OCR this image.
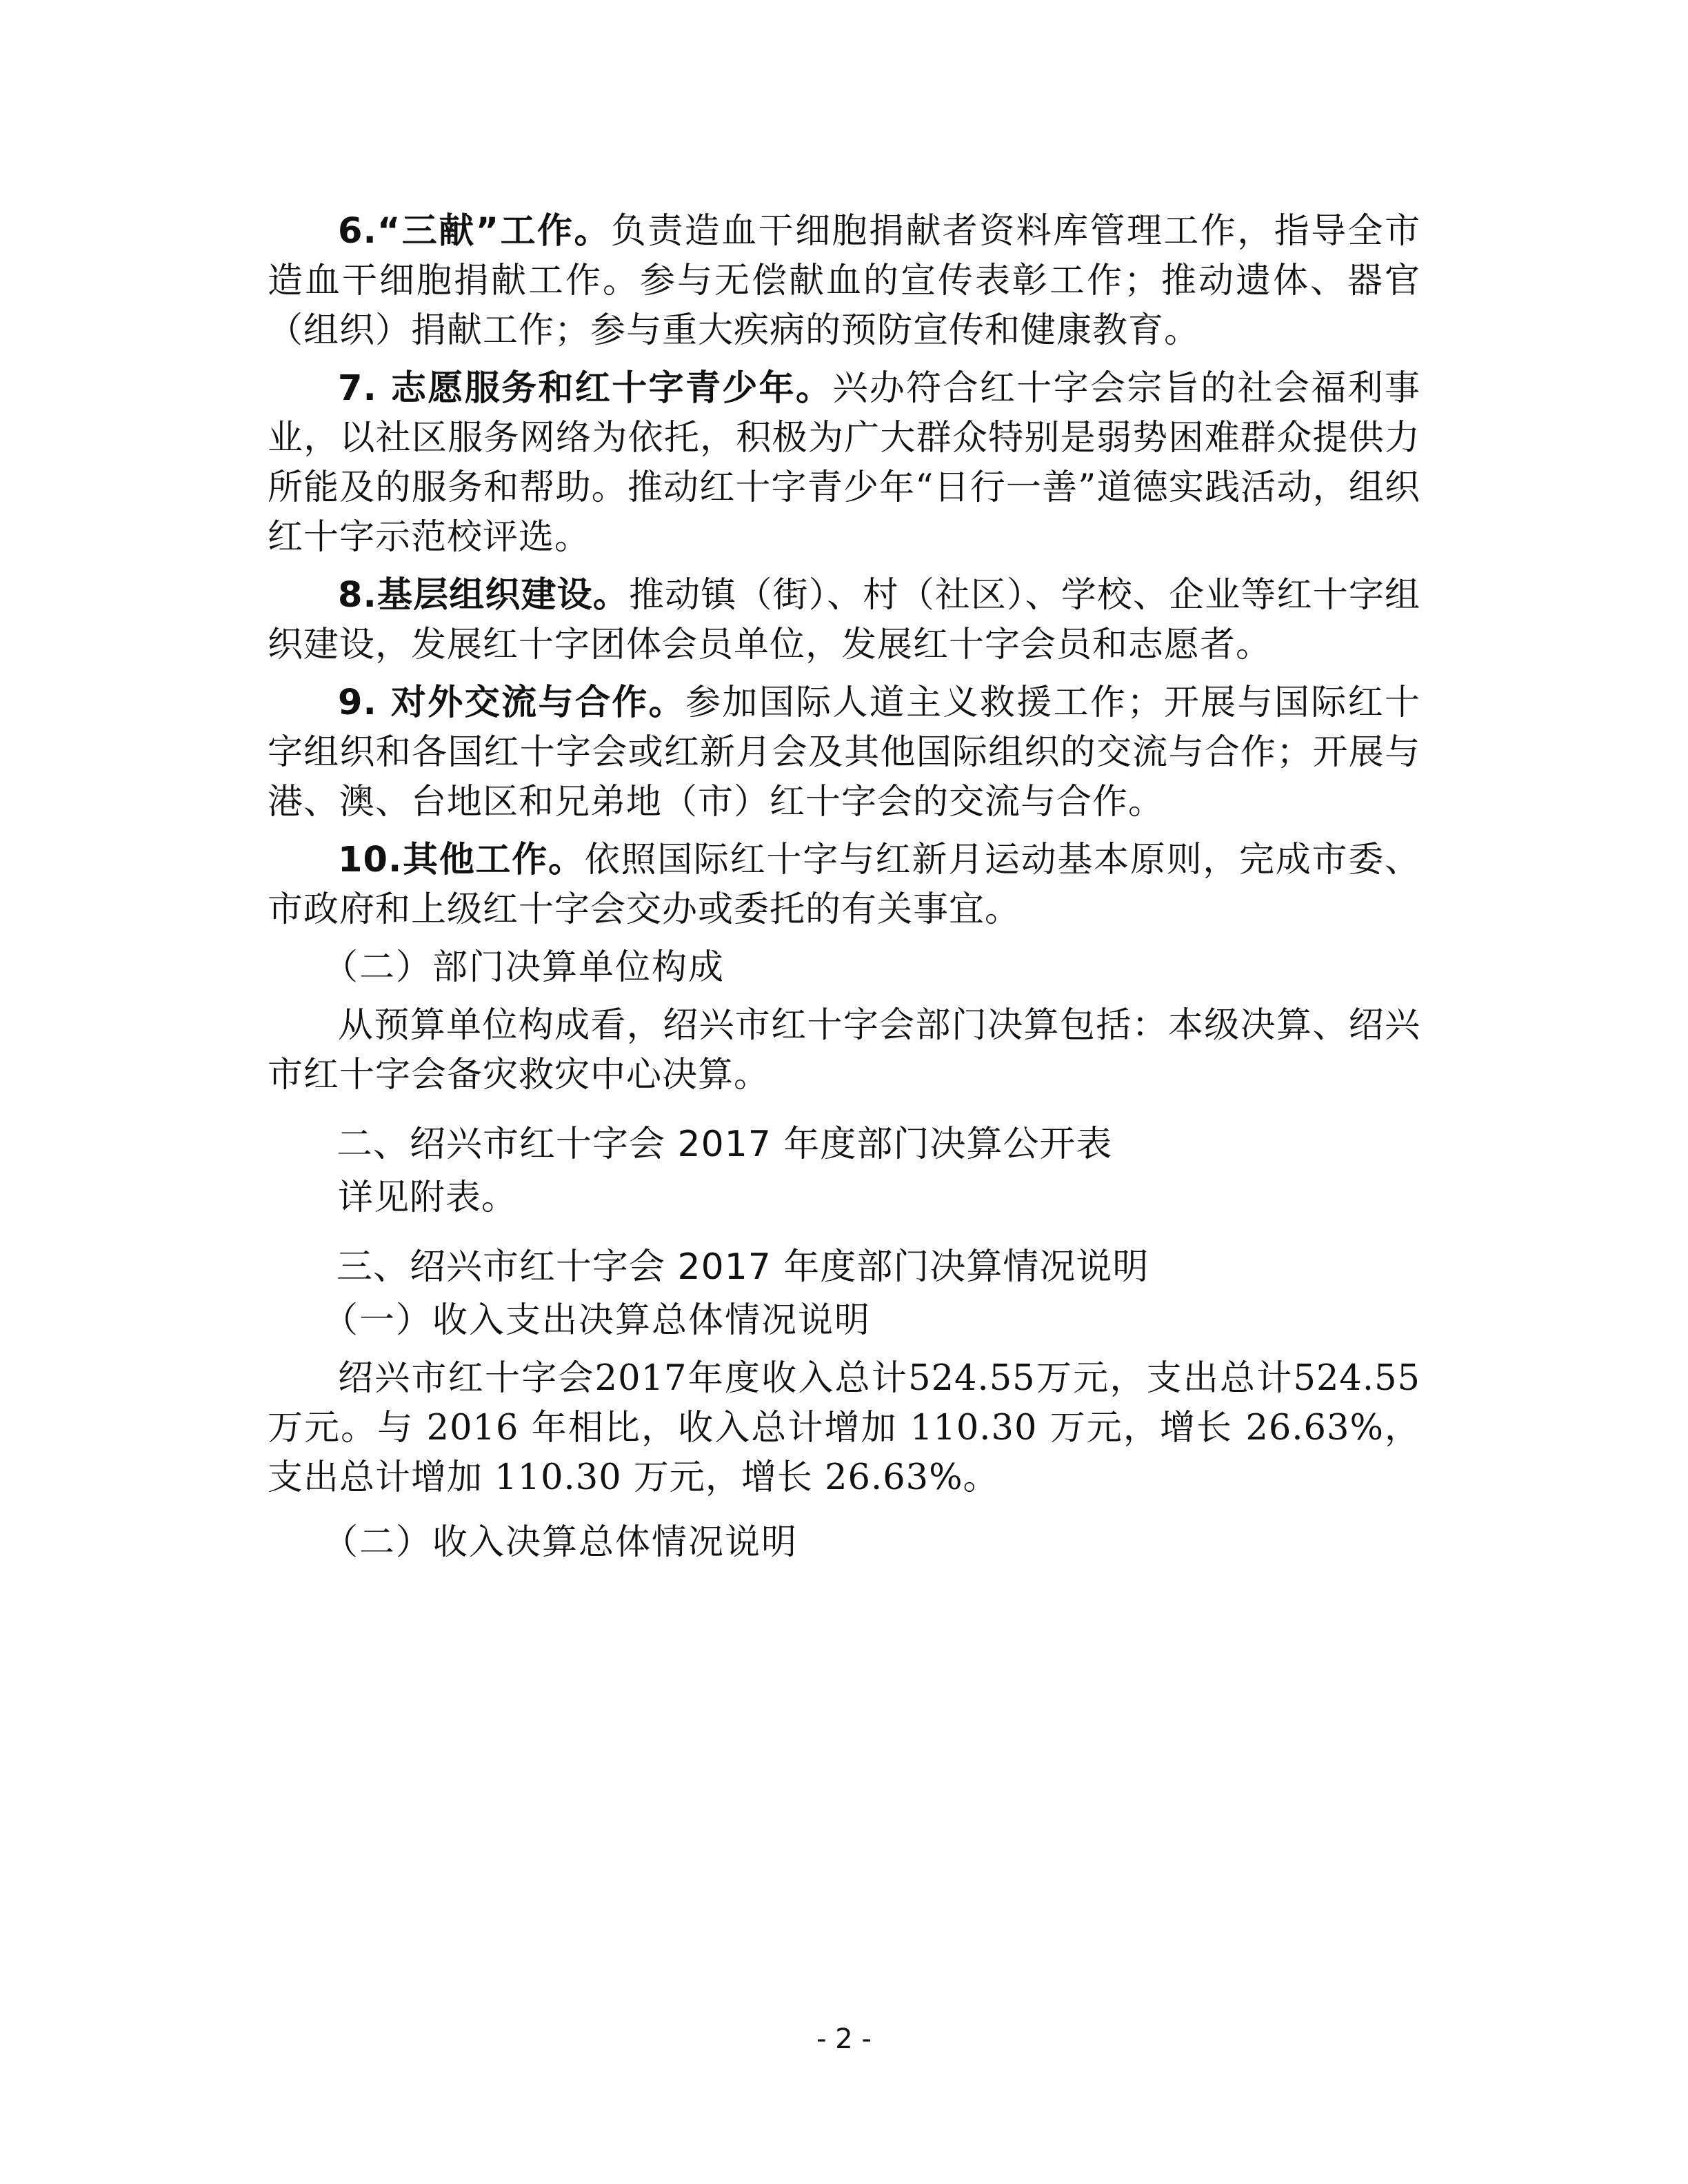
6.“三献”工作。负责造血干细胞捐献者资料库管理工作，指导全市造血干细胞捐献工作。参与无偿献血的宣传表彰工作；推动遗体、器官（组织）捐献工作；参与重大疾病的预防宣传和健康教育。

7. 志愿服务和红十字青少年。兴办符合红十字会宗旨的社会福利事业，以社区服务网络为依托，积极为广大群众特别是弱势困难群众提供力所能及的服务和帮助。推动红十字青少年“日行一善”道德实践活动，组织红十字示范校评选。

8.基层组织建设。推动镇（街）、村（社区）、学校、企业等红十字组织建设，发展红十字团体会员单位，发展红十字会员和志愿者。

9. 对外交流与合作。参加国际人道主义救援工作；开展与国际红十字组织和各国红十字会或红新月会及其他国际组织的交流与合作；开展与港、澳、台地区和兄弟地（市）红十字会的交流与合作。

10.其他工作。依照国际红十字与红新月运动基本原则，完成市委、市政府和上级红十字会交办或委托的有关事宜。

（二）部门决算单位构成

从预算单位构成看，绍兴市红十字会部门决算包括：本级决算、绍兴市红十字会备灾救灾中心决算。

二、绍兴市红十字会 2017 年度部门决算公开表

详见附表。

三、绍兴市红十字会 2017 年度部门决算情况说明

（一）收入支出决算总体情况说明

绍兴市红十字会2017年度收入总计524.55万元，支出总计524.55万元。与 2016 年相比，收入总计增加 110.30 万元，增长 26.63%，支出总计增加 110.30 万元，增长 26.63%。

（二）收入决算总体情况说明

- 2 -
